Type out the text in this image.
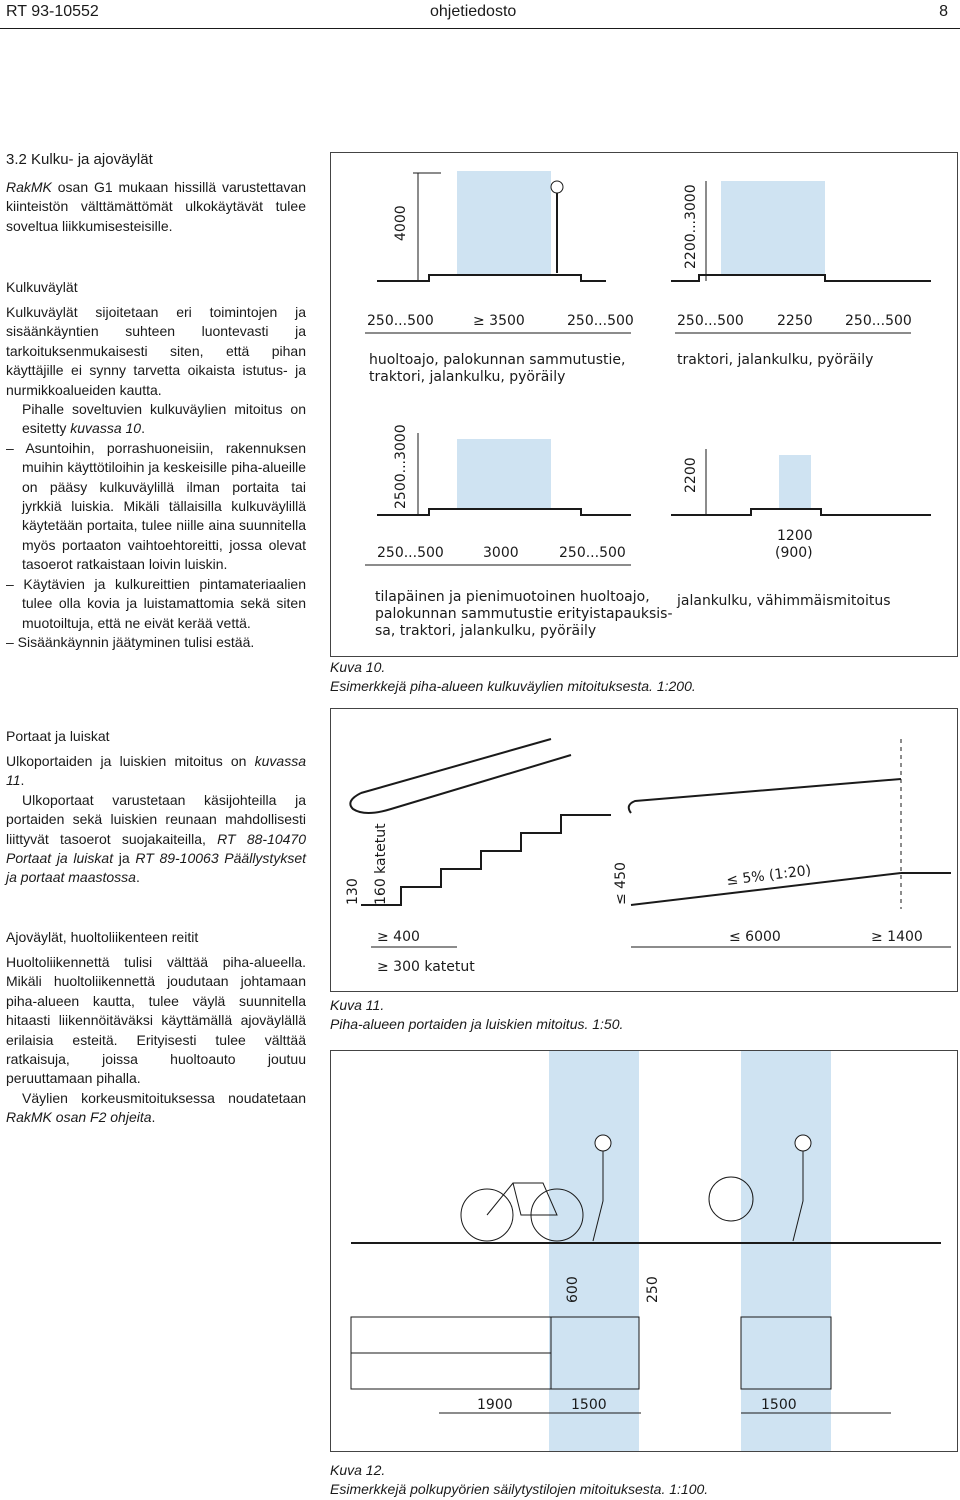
RT 93-10552	ohjetiedosto	8
3.2 Kulku- ja ajoväylät

RakMK osan G1 mukaan hissillä varustettavan kiinteistön välttämättömät ulkokäytävät tulee soveltua liikkumisesteisille.

Kulkuväylät

Kulkuväylät sijoitetaan eri toimintojen ja sisäänkäyntien suhteen luontevasti ja tarkoituksenmukaisesti siten, että pihan käyttäjille ei synny tarvetta oikaista istutus- ja nurmikkoalueiden kautta.

Pihalle soveltuvien kulkuväylien mitoitus on esitetty kuvassa 10.

– Asuntoihin, porrashuoneisiin, rakennuksen muihin käyttötiloihin ja keskeisille piha-alueille on pääsy kulkuväylillä ilman portaita tai jyrkkiä luiskia. Mikäli tällaisilla kulkuväylillä käytetään portaita, tulee niille aina suunnitella myös portaaton vaihtoehtoreitti, jossa olevat tasoerot ratkaistaan loivin luiskin.

– Käytävien ja kulkureittien pintamateriaalien tulee olla kovia ja luistamattomia sekä siten muotoiltuja, että ne eivät kerää vettä.

– Sisäänkäynnin jäätyminen tulisi estää.

Portaat ja luiskat

Ulkoportaiden ja luiskien mitoitus on kuvassa 11.

Ulkoportaat varustetaan käsijohteilla ja portaiden sekä luiskien reunaan mahdollisesti liittyvät tasoerot suojakaiteilla, RT 88-10470 Portaat ja luiskat ja RT 89-10063 Päällystykset ja portaat maastossa.

Ajoväylät, huoltoliikenteen reitit

Huoltoliikennettä tulisi välttää piha-alueella. Mikäli huoltoliikennettä joudutaan johtamaan piha-alueen kautta, tulee väylä suunnitella hitaasti liikennöitäväksi käyttämällä ajoväylällä erilaisia esteitä. Erityisesti tulee välttää ratkaisuja, joissa huoltoauto joutuu peruuttamaan pihalla.

Väylien korkeusmitoituksessa noudatetaan RakMK osan F2 ohjeita.

4000	2200...3000
250...500	≥ 3500	250...500
huoltoajo, palokunnan sammutustie,
traktori, jalankulku, pyöräily
250...500 2250 250...500
traktori, jalankulku, pyöräily
2500...3000
250...500	3000	250...500
tilapäinen ja pienimuotoinen huoltoajo,
palokunnan sammutustie erityistapauksis-
sa, traktori, jalankulku, pyöräily
2200
1200
(900)
jalankulku, vähimmäismitoitus
Kuva 10.
Esimerkkejä piha-alueen kulkuväylien mitoituksesta. 1:200.
130 160 katetut
≥ 400
≥ 300 katetut
≤ 450	≤ 5% (1:20)
≤ 6000	≥ 1400
Kuva 11.
Piha-alueen portaiden ja luiskien mitoitus. 1:50.
600	250
1900	1500	1500
Kuva 12.
Esimerkkejä polkupyörien säilytystilojen mitoituksesta. 1:100.
